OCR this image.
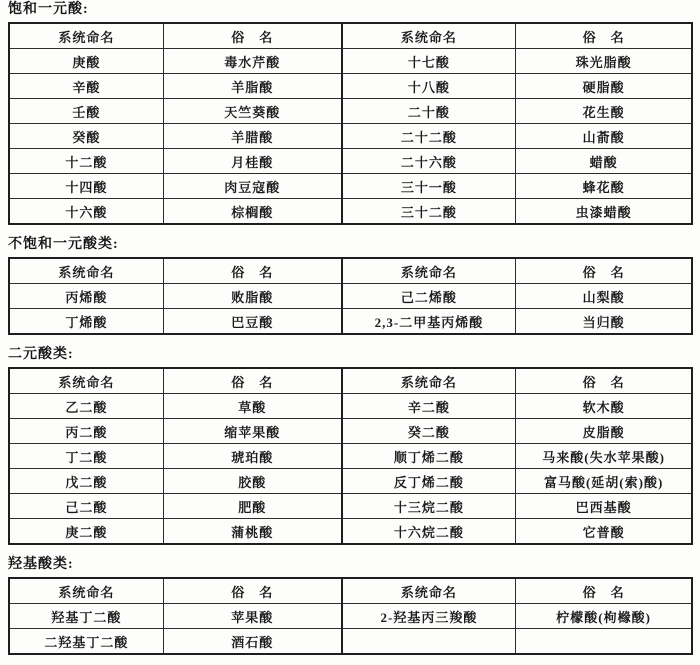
饱和一元酸:
系统命名	俗　名	系统命名	俗　名
庚酸	毒水芹酸	十七酸	珠光脂酸
辛酸	羊脂酸	十八酸	硬脂酸
壬酸	天竺葵酸	二十酸	花生酸
癸酸	羊腊酸	二十二酸	山萮酸
十二酸	月桂酸	二十六酸	蜡酸
十四酸	肉豆寇酸	三十一酸	蜂花酸
十六酸	棕榈酸	三十二酸	虫漆蜡酸
不饱和一元酸类:
系统命名	俗　名	系统命名	俗　名
丙烯酸	败脂酸	己二烯酸	山梨酸
丁烯酸	巴豆酸	2,3-二甲基丙烯酸	当归酸
二元酸类:
系统命名	俗　名	系统命名	俗　名
乙二酸	草酸	辛二酸	软木酸
丙二酸	缩苹果酸	癸二酸	皮脂酸
丁二酸	琥珀酸	顺丁烯二酸	马来酸(失水苹果酸)
戊二酸	胶酸	反丁烯二酸	富马酸(延胡(索)酸)
己二酸	肥酸	十三烷二酸	巴西基酸
庚二酸	蒲桃酸	十六烷二酸	它普酸
羟基酸类:
系统命名	俗　名	系统命名	俗　名
羟基丁二酸	苹果酸	2-羟基丙三羧酸	柠檬酸(枸橼酸)
二羟基丁二酸	酒石酸		
